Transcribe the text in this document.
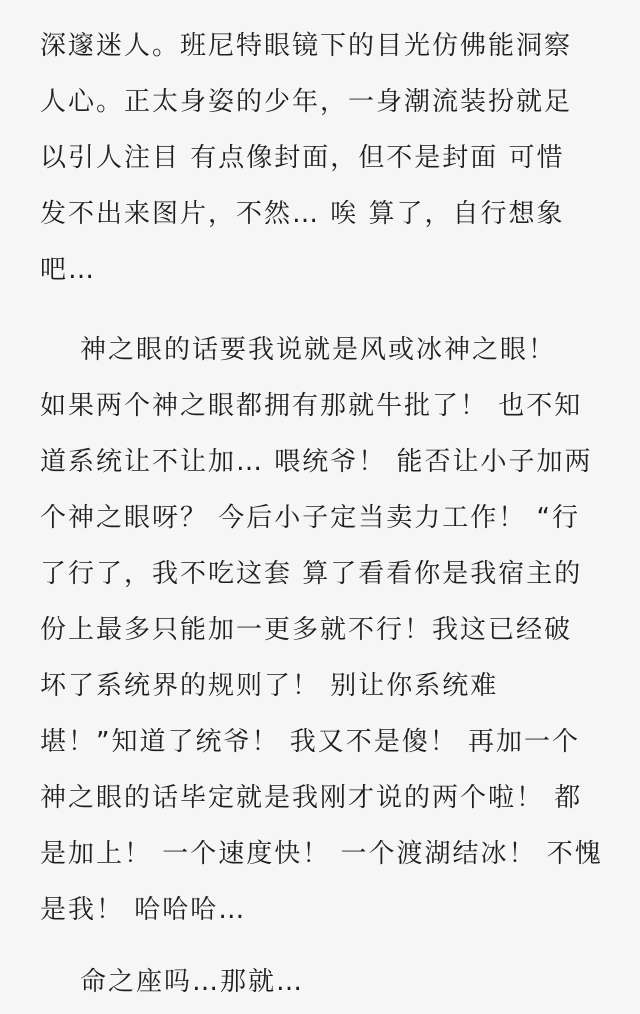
深邃迷人。班尼特眼镜下的目光仿佛能洞察
人心。正太身姿的少年，一身潮流装扮就足
以引人注目 有点像封面，但不是封面 可惜
发不出来图片，不然… 唉 算了，自行想象
吧…
神之眼的话要我说就是风或冰神之眼！
如果两个神之眼都拥有那就牛批了！ 也不知
道系统让不让加… 喂统爷！ 能否让小子加两
个神之眼呀？ 今后小子定当卖力工作！ “行
了行了，我不吃这套 算了看看你是我宿主的
份上最多只能加一更多就不行！我这已经破
坏了系统界的规则了！ 别让你系统难
堪！”知道了统爷！ 我又不是傻！ 再加一个
神之眼的话毕定就是我刚才说的两个啦！ 都
是加上！ 一个速度快！ 一个渡湖结冰！ 不愧
是我！ 哈哈哈…
命之座吗…那就…
